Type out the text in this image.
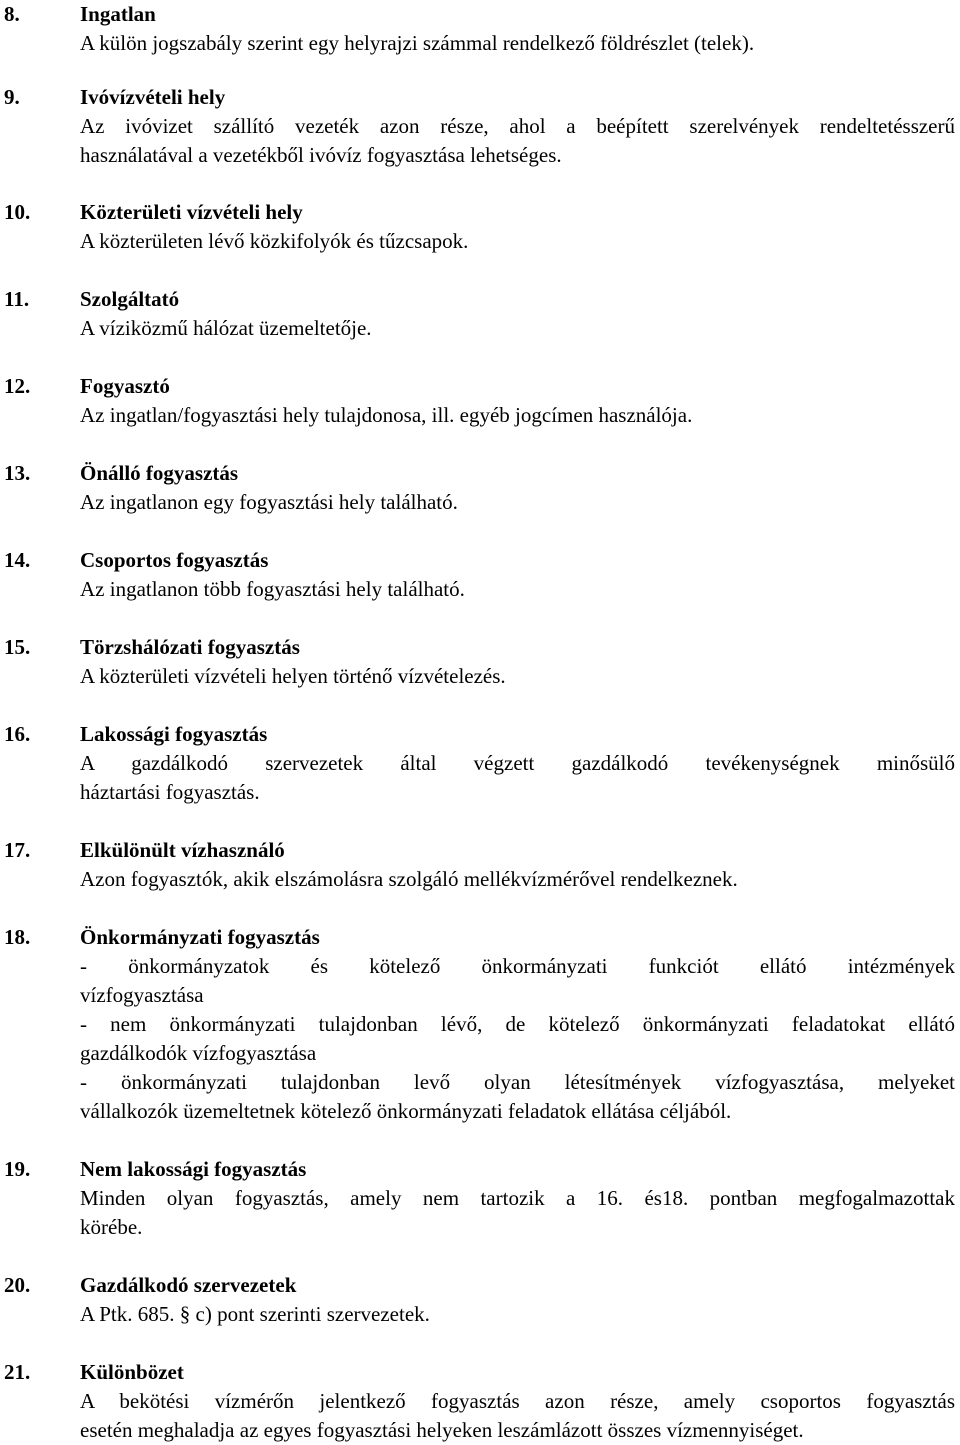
8.	Ingatlan
A külön jogszabály szerint egy helyrajzi számmal rendelkező földrészlet (telek).
9.	Ivóvízvételi hely
Az ivóvizet szállító vezeték azon része, ahol a beépített szerelvények rendeltetésszerű
használatával a vezetékből ivóvíz fogyasztása lehetséges.
10. Közterületi vízvételi hely
A közterületen lévő közkifolyók és tűzcsapok.
11. Szolgáltató
A víziközmű hálózat üzemeltetője.
12. Fogyasztó
Az ingatlan/fogyasztási hely tulajdonosa, ill. egyéb jogcímen használója.
13. Önálló fogyasztás
Az ingatlanon egy fogyasztási hely található.
14. Csoportos fogyasztás
Az ingatlanon több fogyasztási hely található.
15. Törzshálózati fogyasztás
A közterületi vízvételi helyen történő vízvételezés.
16. Lakossági fogyasztás
A gazdálkodó szervezetek által végzett gazdálkodó tevékenységnek minősülő
háztartási fogyasztás.
17. Elkülönült vízhasználó
Azon fogyasztók, akik elszámolásra szolgáló mellékvízmérővel rendelkeznek.
18. Önkormányzati fogyasztás
- önkormányzatok és kötelező önkormányzati funkciót ellátó intézmények
vízfogyasztása
- nem önkormányzati tulajdonban lévő, de kötelező önkormányzati feladatokat ellátó
gazdálkodók vízfogyasztása
- önkormányzati tulajdonban levő olyan létesítmények vízfogyasztása, melyeket
vállalkozók üzemeltetnek kötelező önkormányzati feladatok ellátása céljából.
19. Nem lakossági fogyasztás
Minden olyan fogyasztás, amely nem tartozik a 16. és18. pontban megfogalmazottak
körébe.
20. Gazdálkodó szervezetek
A Ptk. 685. § c) pont szerinti szervezetek.
21. Különbözet
A bekötési vízmérőn jelentkező fogyasztás azon része, amely csoportos fogyasztás
esetén meghaladja az egyes fogyasztási helyeken leszámlázott összes vízmennyiséget.
